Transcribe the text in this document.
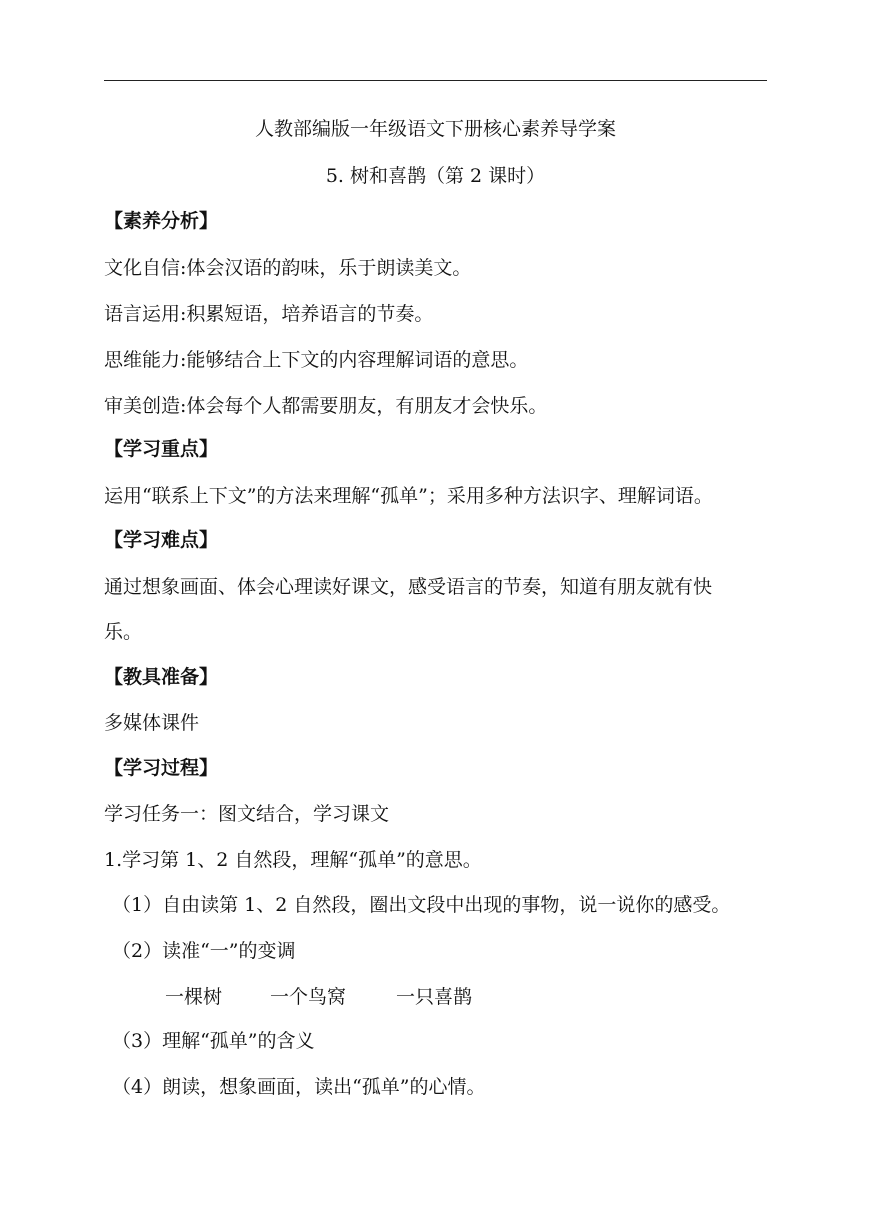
人教部编版一年级语文下册核心素养导学案

5. 树和喜鹊（第 2 课时）

【素养分析】

文化自信:体会汉语的韵味，乐于朗读美文。

语言运用:积累短语，培养语言的节奏。

思维能力:能够结合上下文的内容理解词语的意思。

审美创造:体会每个人都需要朋友，有朋友才会快乐。

【学习重点】

运用“联系上下文”的方法来理解“孤单”；采用多种方法识字、理解词语。

【学习难点】

通过想象画面、体会心理读好课文，感受语言的节奏，知道有朋友就有快

乐。

【教具准备】

多媒体课件

【学习过程】

学习任务一：图文结合，学习课文

1.学习第 1、2 自然段，理解“孤单”的意思。

（1）自由读第 1、2 自然段，圈出文段中出现的事物，说一说你的感受。

（2）读准“一”的变调

一棵树	一个鸟窝	一只喜鹊

（3）理解“孤单”的含义

（4）朗读，想象画面，读出“孤单”的心情。
